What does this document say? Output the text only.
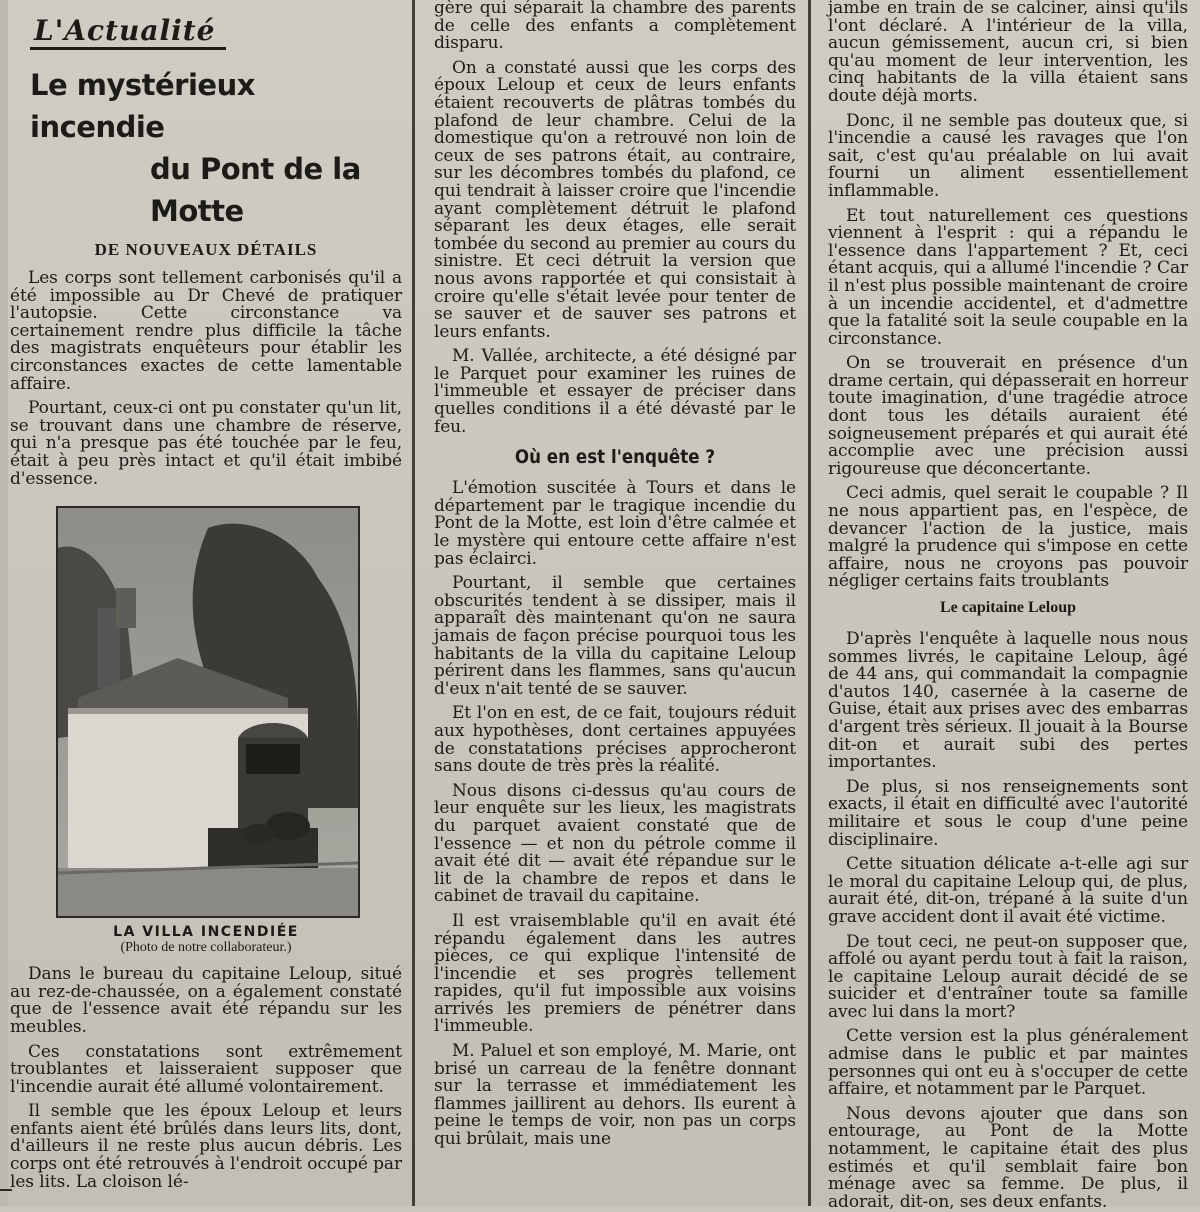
L'Actualité
Le mystérieux incendie
du Pont de la Motte
DE NOUVEAUX DÉTAILS

Les corps sont tellement carbonisés qu'il a été impossible au Dr Chevé de pratiquer l'autopsie. Cette circonstance va certainement rendre plus difficile la tâche des magistrats enquêteurs pour établir les circonstances exactes de cette lamentable affaire.

Pourtant, ceux-ci ont pu constater qu'un lit, se trouvant dans une chambre de réserve, qui n'a presque pas été touchée par le feu, était à peu près intact et qu'il était imbibé d'essence.

LA VILLA INCENDIÉE
(Photo de notre collaborateur.)

Dans le bureau du capitaine Leloup, situé au rez-de-chaussée, on a également constaté que de l'essence avait été répandu sur les meubles.

Ces constatations sont extrêmement troublantes et laisseraient supposer que l'incendie aurait été allumé volontairement.

Il semble que les époux Leloup et leurs enfants aient été brûlés dans leurs lits, dont, d'ailleurs il ne reste plus aucun débris. Les corps ont été retrouvés à l'endroit occupé par les lits. La cloison lé-

gère qui séparait la chambre des parents de celle des enfants a complètement disparu.

On a constaté aussi que les corps des époux Leloup et ceux de leurs enfants étaient recouverts de plâtras tombés du plafond de leur chambre. Celui de la domestique qu'on a retrouvé non loin de ceux de ses patrons était, au contraire, sur les décombres tombés du plafond, ce qui tendrait à laisser croire que l'incendie ayant complètement détruit le plafond séparant les deux étages, elle serait tombée du second au premier au cours du sinistre. Et ceci détruit la version que nous avons rapportée et qui consistait à croire qu'elle s'était levée pour tenter de se sauver et de sauver ses patrons et leurs enfants.

M. Vallée, architecte, a été désigné par le Parquet pour examiner les ruines de l'immeuble et essayer de préciser dans quelles conditions il a été dévasté par le feu.

Où en est l'enquête ?

L'émotion suscitée à Tours et dans le département par le tragique incendie du Pont de la Motte, est loin d'être calmée et le mystère qui entoure cette affaire n'est pas éclairci.

Pourtant, il semble que certaines obscurités tendent à se dissiper, mais il apparaît dès maintenant qu'on ne saura jamais de façon précise pourquoi tous les habitants de la villa du capitaine Leloup périrent dans les flammes, sans qu'aucun d'eux n'ait tenté de se sauver.

Et l'on en est, de ce fait, toujours réduit aux hypothèses, dont certaines appuyées de constatations précises approcheront sans doute de très près la réalité.

Nous disons ci-dessus qu'au cours de leur enquête sur les lieux, les magistrats du parquet avaient constaté que de l'essence — et non du pétrole comme il avait été dit — avait été répandue sur le lit de la chambre de repos et dans le cabinet de travail du capitaine.

Il est vraisemblable qu'il en avait été répandu également dans les autres pièces, ce qui explique l'intensité de l'incendie et ses progrès tellement rapides, qu'il fut impossible aux voisins arrivés les premiers de pénétrer dans l'immeuble.

M. Paluel et son employé, M. Marie, ont brisé un carreau de la fenêtre donnant sur la terrasse et immédiatement les flammes jaillirent au dehors. Ils eurent à peine le temps de voir, non pas un corps qui brûlait, mais une

jambe en train de se calciner, ainsi qu'ils l'ont déclaré. A l'intérieur de la villa, aucun gémissement, aucun cri, si bien qu'au moment de leur intervention, les cinq habitants de la villa étaient sans doute déjà morts.

Donc, il ne semble pas douteux que, si l'incendie a causé les ravages que l'on sait, c'est qu'au préalable on lui avait fourni un aliment essentiellement inflammable.

Et tout naturellement ces questions viennent à l'esprit : qui a répandu le l'essence dans l'appartement ? Et, ceci étant acquis, qui a allumé l'incendie ? Car il n'est plus possible maintenant de croire à un incendie accidentel, et d'admettre que la fatalité soit la seule coupable en la circonstance.

On se trouverait en présence d'un drame certain, qui dépasserait en horreur toute imagination, d'une tragédie atroce dont tous les détails auraient été soigneusement préparés et qui aurait été accomplie avec une précision aussi rigoureuse que déconcertante.

Ceci admis, quel serait le coupable ? Il ne nous appartient pas, en l'espèce, de devancer l'action de la justice, mais malgré la prudence qui s'impose en cette affaire, nous ne croyons pas pouvoir négliger certains faits troublants

Le capitaine Leloup

D'après l'enquête à laquelle nous nous sommes livrés, le capitaine Leloup, âgé de 44 ans, qui commandait la compagnie d'autos 140, casernée à la caserne de Guise, était aux prises avec des embarras d'argent très sérieux. Il jouait à la Bourse dit-on et aurait subi des pertes importantes.

De plus, si nos renseignements sont exacts, il était en difficulté avec l'autorité militaire et sous le coup d'une peine disciplinaire.

Cette situation délicate a-t-elle agi sur le moral du capitaine Leloup qui, de plus, aurait été, dit-on, trépané à la suite d'un grave accident dont il avait été victime.

De tout ceci, ne peut-on supposer que, affolé ou ayant perdu tout à fait la raison, le capitaine Leloup aurait décidé de se suicider et d'entraîner toute sa famille avec lui dans la mort?

Cette version est la plus généralement admise dans le public et par maintes personnes qui ont eu à s'occuper de cette affaire, et notamment par le Parquet.

Nous devons ajouter que dans son entourage, au Pont de la Motte notamment, le capitaine était des plus estimés et qu'il semblait faire bon ménage avec sa femme. De plus, il adorait, dit-on, ses deux enfants.
